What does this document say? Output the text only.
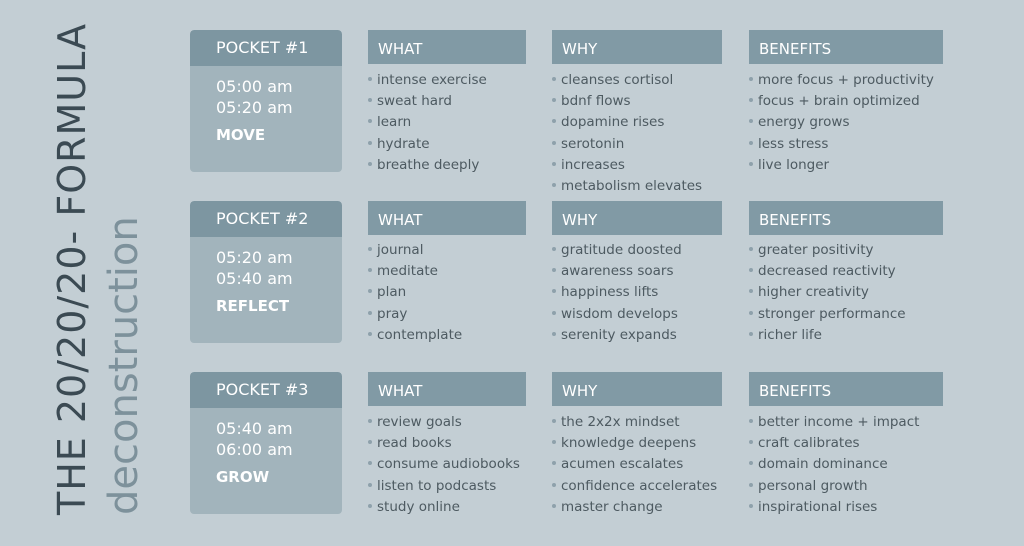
THE 20/20/20- FORMULA deconstruction
POCKET #1
05:00 am
05:20 am
MOVE
WHAT
intense exercise
sweat hard
learn
hydrate
breathe deeply
WHY
cleanses cortisol
bdnf flows
dopamine rises
serotonin
increases
metabolism elevates
BENEFITS
more focus + productivity
focus + brain optimized
energy grows
less stress
live longer
POCKET #2
05:20 am
05:40 am
REFLECT
WHAT
journal
meditate
plan
pray
contemplate
WHY
gratitude doosted
awareness soars
happiness lifts
wisdom develops
serenity expands
BENEFITS
greater positivity
decreased reactivity
higher creativity
stronger performance
richer life
POCKET #3
05:40 am
06:00 am
GROW
WHAT
review goals
read books
consume audiobooks
listen to podcasts
study online
WHY
the 2x2x mindset
knowledge deepens
acumen escalates
confidence accelerates
master change
BENEFITS
better income + impact
craft calibrates
domain dominance
personal growth
inspirational rises
